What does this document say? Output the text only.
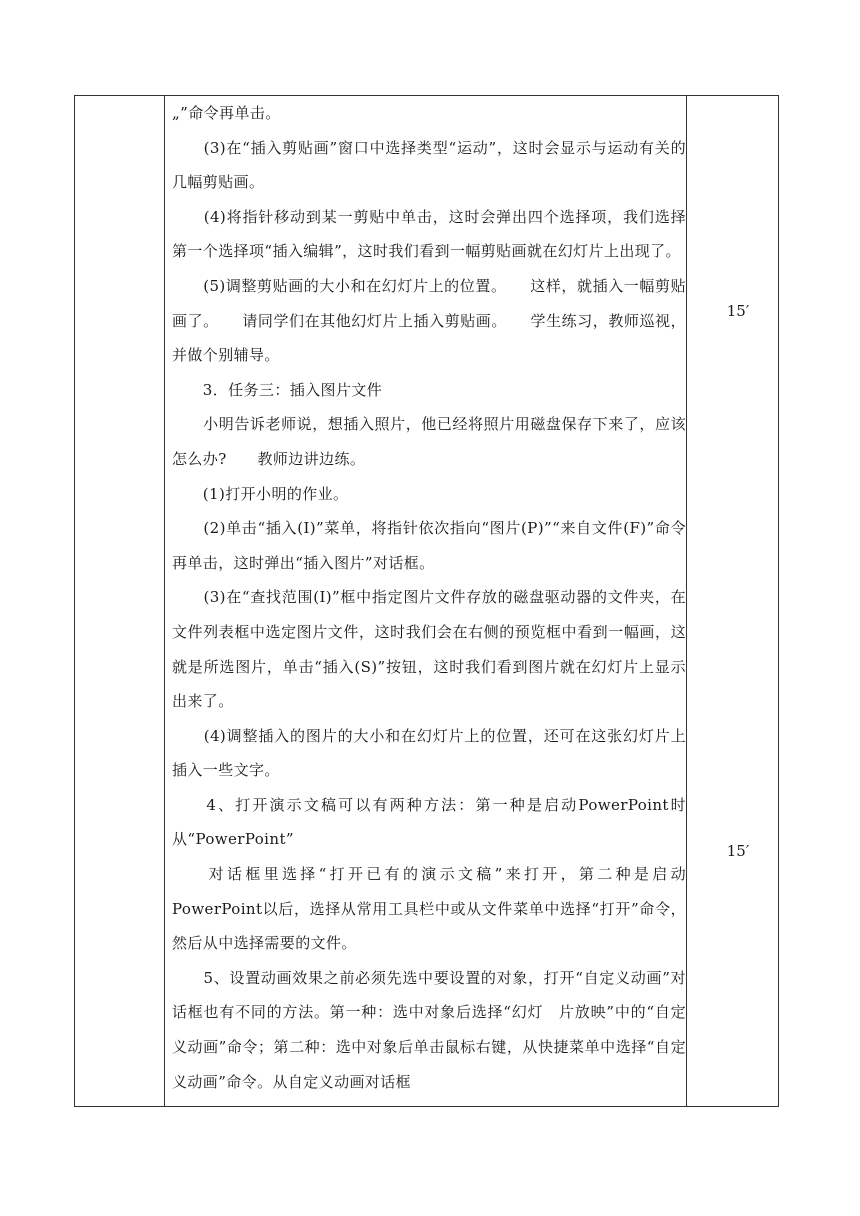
„”命令再单击。

　　(3)在“插入剪贴画”窗口中选择类型“运动”，这时会显示与运动有关的几幅剪贴画。

　　(4)将指针移动到某一剪贴中单击，这时会弹出四个选择项，我们选择第一个选择项“插入编辑”，这时我们看到一幅剪贴画就在幻灯片上出现了。

　　(5)调整剪贴画的大小和在幻灯片上的位置。　　这样，就插入一幅剪贴画了。　　请同学们在其他幻灯片上插入剪贴画。　　学生练习，教师巡视，并做个别辅导。

　　3．任务三：插入图片文件

　　小明告诉老师说，想插入照片，他已经将照片用磁盘保存下来了，应该怎么办?　　教师边讲边练。

　　(1)打开小明的作业。

　　(2)单击“插入(I)”菜单，将指针依次指向“图片(P)”“来自文件(F)”命令再单击，这时弹出“插入图片”对话框。

　　(3)在“查找范围(I)”框中指定图片文件存放的磁盘驱动器的文件夹，在文件列表框中选定图片文件，这时我们会在右侧的预览框中看到一幅画，这就是所选图片，单击“插入(S)”按钮，这时我们看到图片就在幻灯片上显示出来了。

　　(4)调整插入的图片的大小和在幻灯片上的位置，还可在这张幻灯片上插入一些文字。

　　4、打开演示文稿可以有两种方法：第一种是启动PowerPoint时从“PowerPoint”

　　对话框里选择“打开已有的演示文稿”来打开，第二种是启动PowerPoint以后，选择从常用工具栏中或从文件菜单中选择“打开”命令，然后从中选择需要的文件。

　　5、设置动画效果之前必须先选中要设置的对象，打开“自定义动画”对话框也有不同的方法。第一种：选中对象后选择“幻灯　片放映”中的“自定义动画”命令；第二种：选中对象后单击鼠标右键，从快捷菜单中选择“自定义动画”命令。从自定义动画对话框

15′
15′
